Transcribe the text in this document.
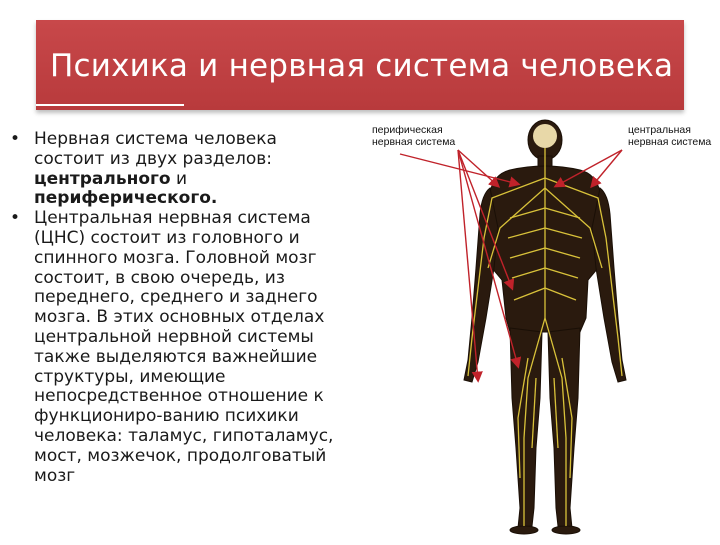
Психика и нервная система человека

• Нервная система человека состоит из двух разделов: центрального и периферического.

• Центральная нервная система (ЦНС) состоит из головного и спинного мозга. Головной мозг состоит, в свою очередь, из переднего, среднего и заднего мозга. В этих основных отделах центральной нервной системы также выделяются важнейшие структуры, имеющие непосредственное отношение к функциониро-ванию психики человека: таламус, гипоталамус, мост, мозжечок, продолговатый мозг

перифическая
нервная система
центральная
нервная система
